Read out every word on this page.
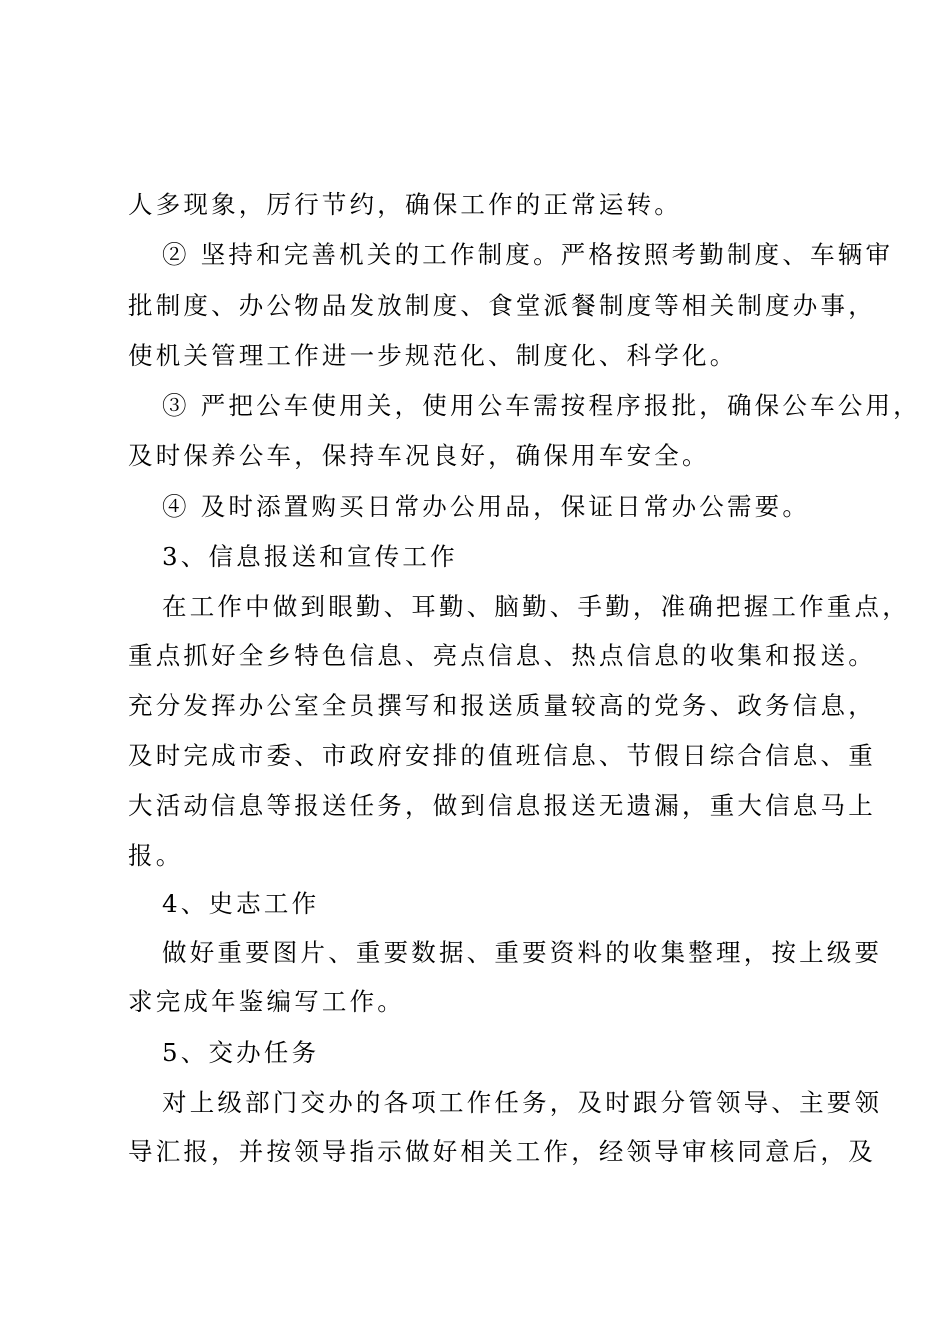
人多现象，厉行节约，确保工作的正常运转。
② 坚持和完善机关的工作制度。严格按照考勤制度、车辆审
批制度、办公物品发放制度、食堂派餐制度等相关制度办事，
使机关管理工作进一步规范化、制度化、科学化。
③ 严把公车使用关，使用公车需按程序报批，确保公车公用，
及时保养公车，保持车况良好，确保用车安全。
④ 及时添置购买日常办公用品，保证日常办公需要。
3、信息报送和宣传工作
在工作中做到眼勤、耳勤、脑勤、手勤，准确把握工作重点，
重点抓好全乡特色信息、亮点信息、热点信息的收集和报送。
充分发挥办公室全员撰写和报送质量较高的党务、政务信息，
及时完成市委、市政府安排的值班信息、节假日综合信息、重
大活动信息等报送任务，做到信息报送无遗漏，重大信息马上
报。
4、史志工作
做好重要图片、重要数据、重要资料的收集整理，按上级要
求完成年鉴编写工作。
5、交办任务
对上级部门交办的各项工作任务，及时跟分管领导、主要领
导汇报，并按领导指示做好相关工作，经领导审核同意后，及
